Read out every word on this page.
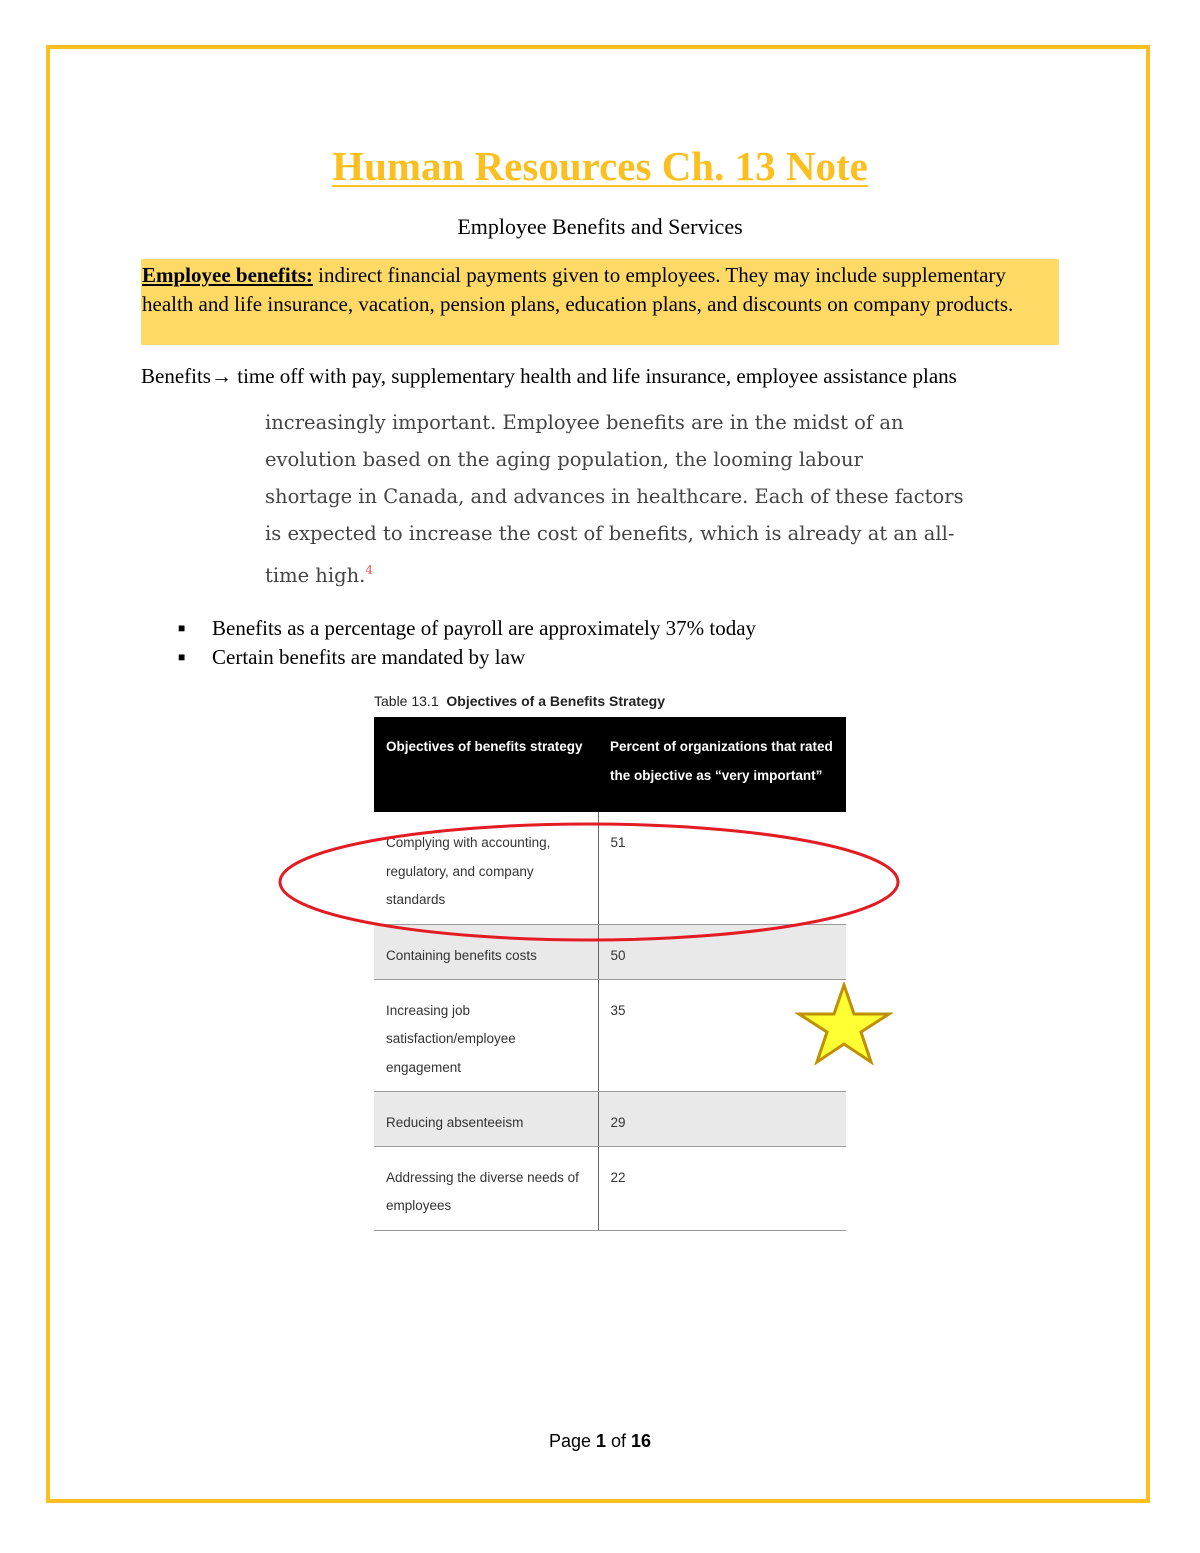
Human Resources Ch. 13 Note
Employee Benefits and Services
Employee benefits: indirect financial payments given to employees. They may include supplementary health and life insurance, vacation, pension plans, education plans, and discounts on company products.
Benefits→ time off with pay, supplementary health and life insurance, employee assistance plans
increasingly important. Employee benefits are in the midst of an
evolution based on the aging population, the looming labour
shortage in Canada, and advances in healthcare. Each of these factors
is expected to increase the cost of benefits, which is already at an all-
time high.$^4$
■ Benefits as a percentage of payroll are approximately 37% today
■ Certain benefits are mandated by law
Table 13.1 Objectives of a Benefits Strategy
Objectives of benefits strategy	Percent of organizations that rated the objective as “very important”
Complying with accounting, regulatory, and company standards	51
Containing benefits costs	50
Increasing job satisfaction/employee engagement	35
Reducing absenteeism	29
Addressing the diverse needs of employees	22
Page 1 of 16
